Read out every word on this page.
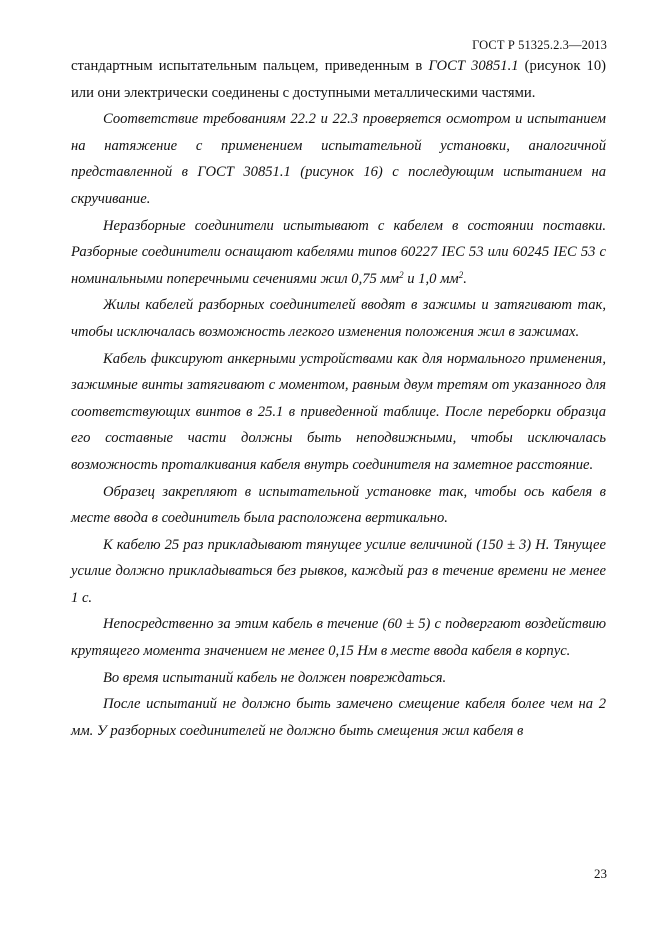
ГОСТ Р 51325.2.3—2013

стандартным испытательным пальцем, приведенным в ГОСТ 30851.1 (рисунок 10) или они электрически соединены с доступными металлическими частями.

Соответствие требованиям 22.2 и 22.3 проверяется осмотром и испытанием на натяжение с применением испытательной установки, аналогичной представленной в ГОСТ 30851.1 (рисунок 16) с последующим испытанием на скручивание.

Неразборные соединители испытывают с кабелем в состоянии поставки. Разборные соединители оснащают кабелями типов 60227 IEC 53 или 60245 IEC 53 с номинальными поперечными сечениями жил 0,75 $мм^2$ и 1,0 $мм^2$.

Жилы кабелей разборных соединителей вводят в зажимы и затягивают так, чтобы исключалась возможность легкого изменения положения жил в зажимах.

Кабель фиксируют анкерными устройствами как для нормального применения, зажимные винты затягивают с моментом, равным двум третям от указанного для соответствующих винтов в 25.1 в приведенной таблице. После переборки образца его составные части должны быть неподвижными, чтобы исключалась возможность проталкивания кабеля внутрь соединителя на заметное расстояние.

Образец закрепляют в испытательной установке так, чтобы ось кабеля в месте ввода в соединитель была расположена вертикально.

К кабелю 25 раз прикладывают тянущее усилие величиной (150 ± 3) Н. Тянущее усилие должно прикладываться без рывков, каждый раз в течение времени не менее 1 с.

Непосредственно за этим кабель в течение (60 ± 5) с подвергают воздействию крутящего момента значением не менее 0,15 Нм в месте ввода кабеля в корпус.

Во время испытаний кабель не должен повреждаться.

После испытаний не должно быть замечено смещение кабеля более чем на 2 мм. У разборных соединителей не должно быть смещения жил кабеля в

23
